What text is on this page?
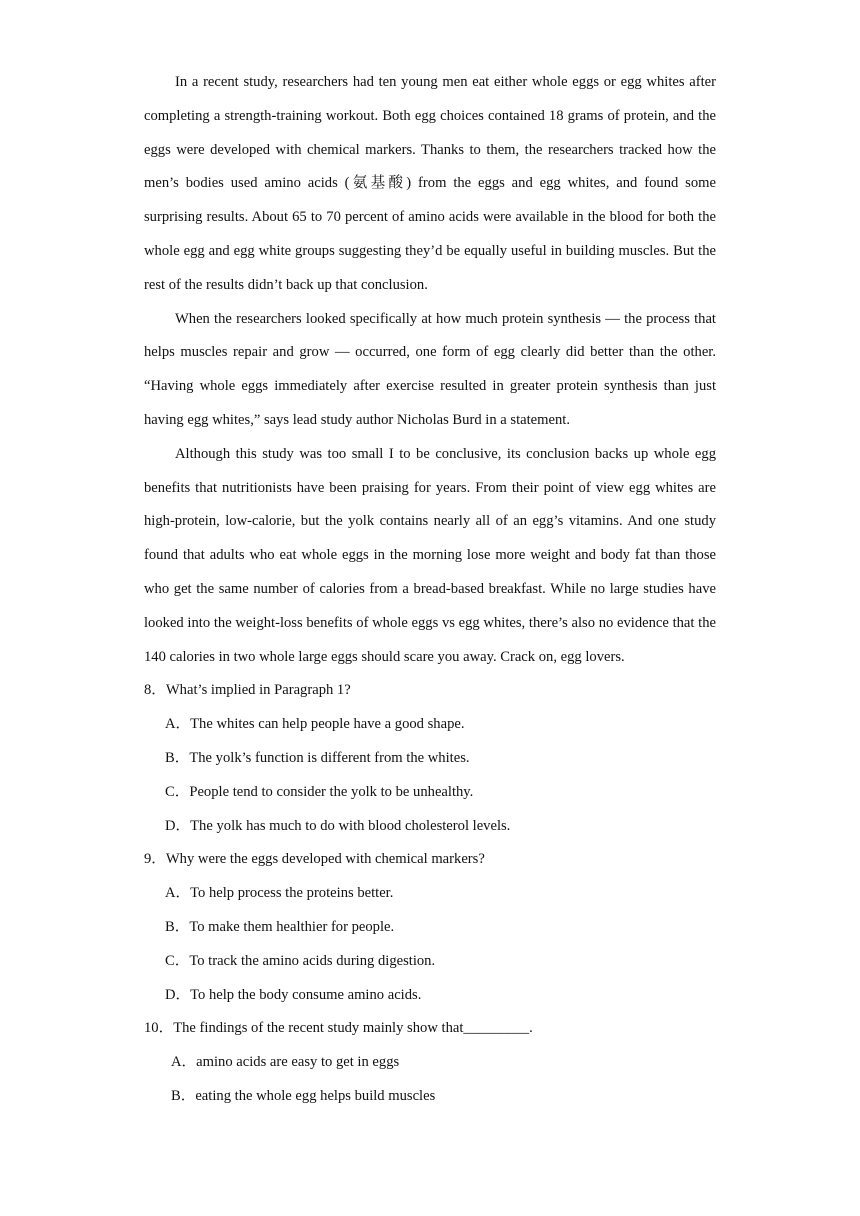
In a recent study, researchers had ten young men eat either whole eggs or egg whites after completing a strength-training workout. Both egg choices contained 18 grams of protein, and the eggs were developed with chemical markers. Thanks to them, the researchers tracked how the men’s bodies used amino acids (氨基酸) from the eggs and egg whites, and found some surprising results. About 65 to 70 percent of amino acids were available in the blood for both the whole egg and egg white groups suggesting they’d be equally useful in building muscles. But the rest of the results didn’t back up that conclusion.

When the researchers looked specifically at how much protein synthesis — the process that helps muscles repair and grow — occurred, one form of egg clearly did better than the other. “Having whole eggs immediately after exercise resulted in greater protein synthesis than just having egg whites,” says lead study author Nicholas Burd in a statement.

Although this study was too small I to be conclusive, its conclusion backs up whole egg benefits that nutritionists have been praising for years. From their point of view egg whites are high-protein, low-calorie, but the yolk contains nearly all of an egg’s vitamins. And one study found that adults who eat whole eggs in the morning lose more weight and body fat than those who get the same number of calories from a bread-based breakfast. While no large studies have looked into the weight-loss benefits of whole eggs vs egg whites, there’s also no evidence that the 140 calories in two whole large eggs should scare you away. Crack on, egg lovers.

8．What’s implied in Paragraph 1?

A．The whites can help people have a good shape.

B．The yolk’s function is different from the whites.

C．People tend to consider the yolk to be unhealthy.

D．The yolk has much to do with blood cholesterol levels.

9．Why were the eggs developed with chemical markers?

A．To help process the proteins better.

B．To make them healthier for people.

C．To track the amino acids during digestion.

D．To help the body consume amino acids.

10．The findings of the recent study mainly show that_________.

A．amino acids are easy to get in eggs

B．eating the whole egg helps build muscles
